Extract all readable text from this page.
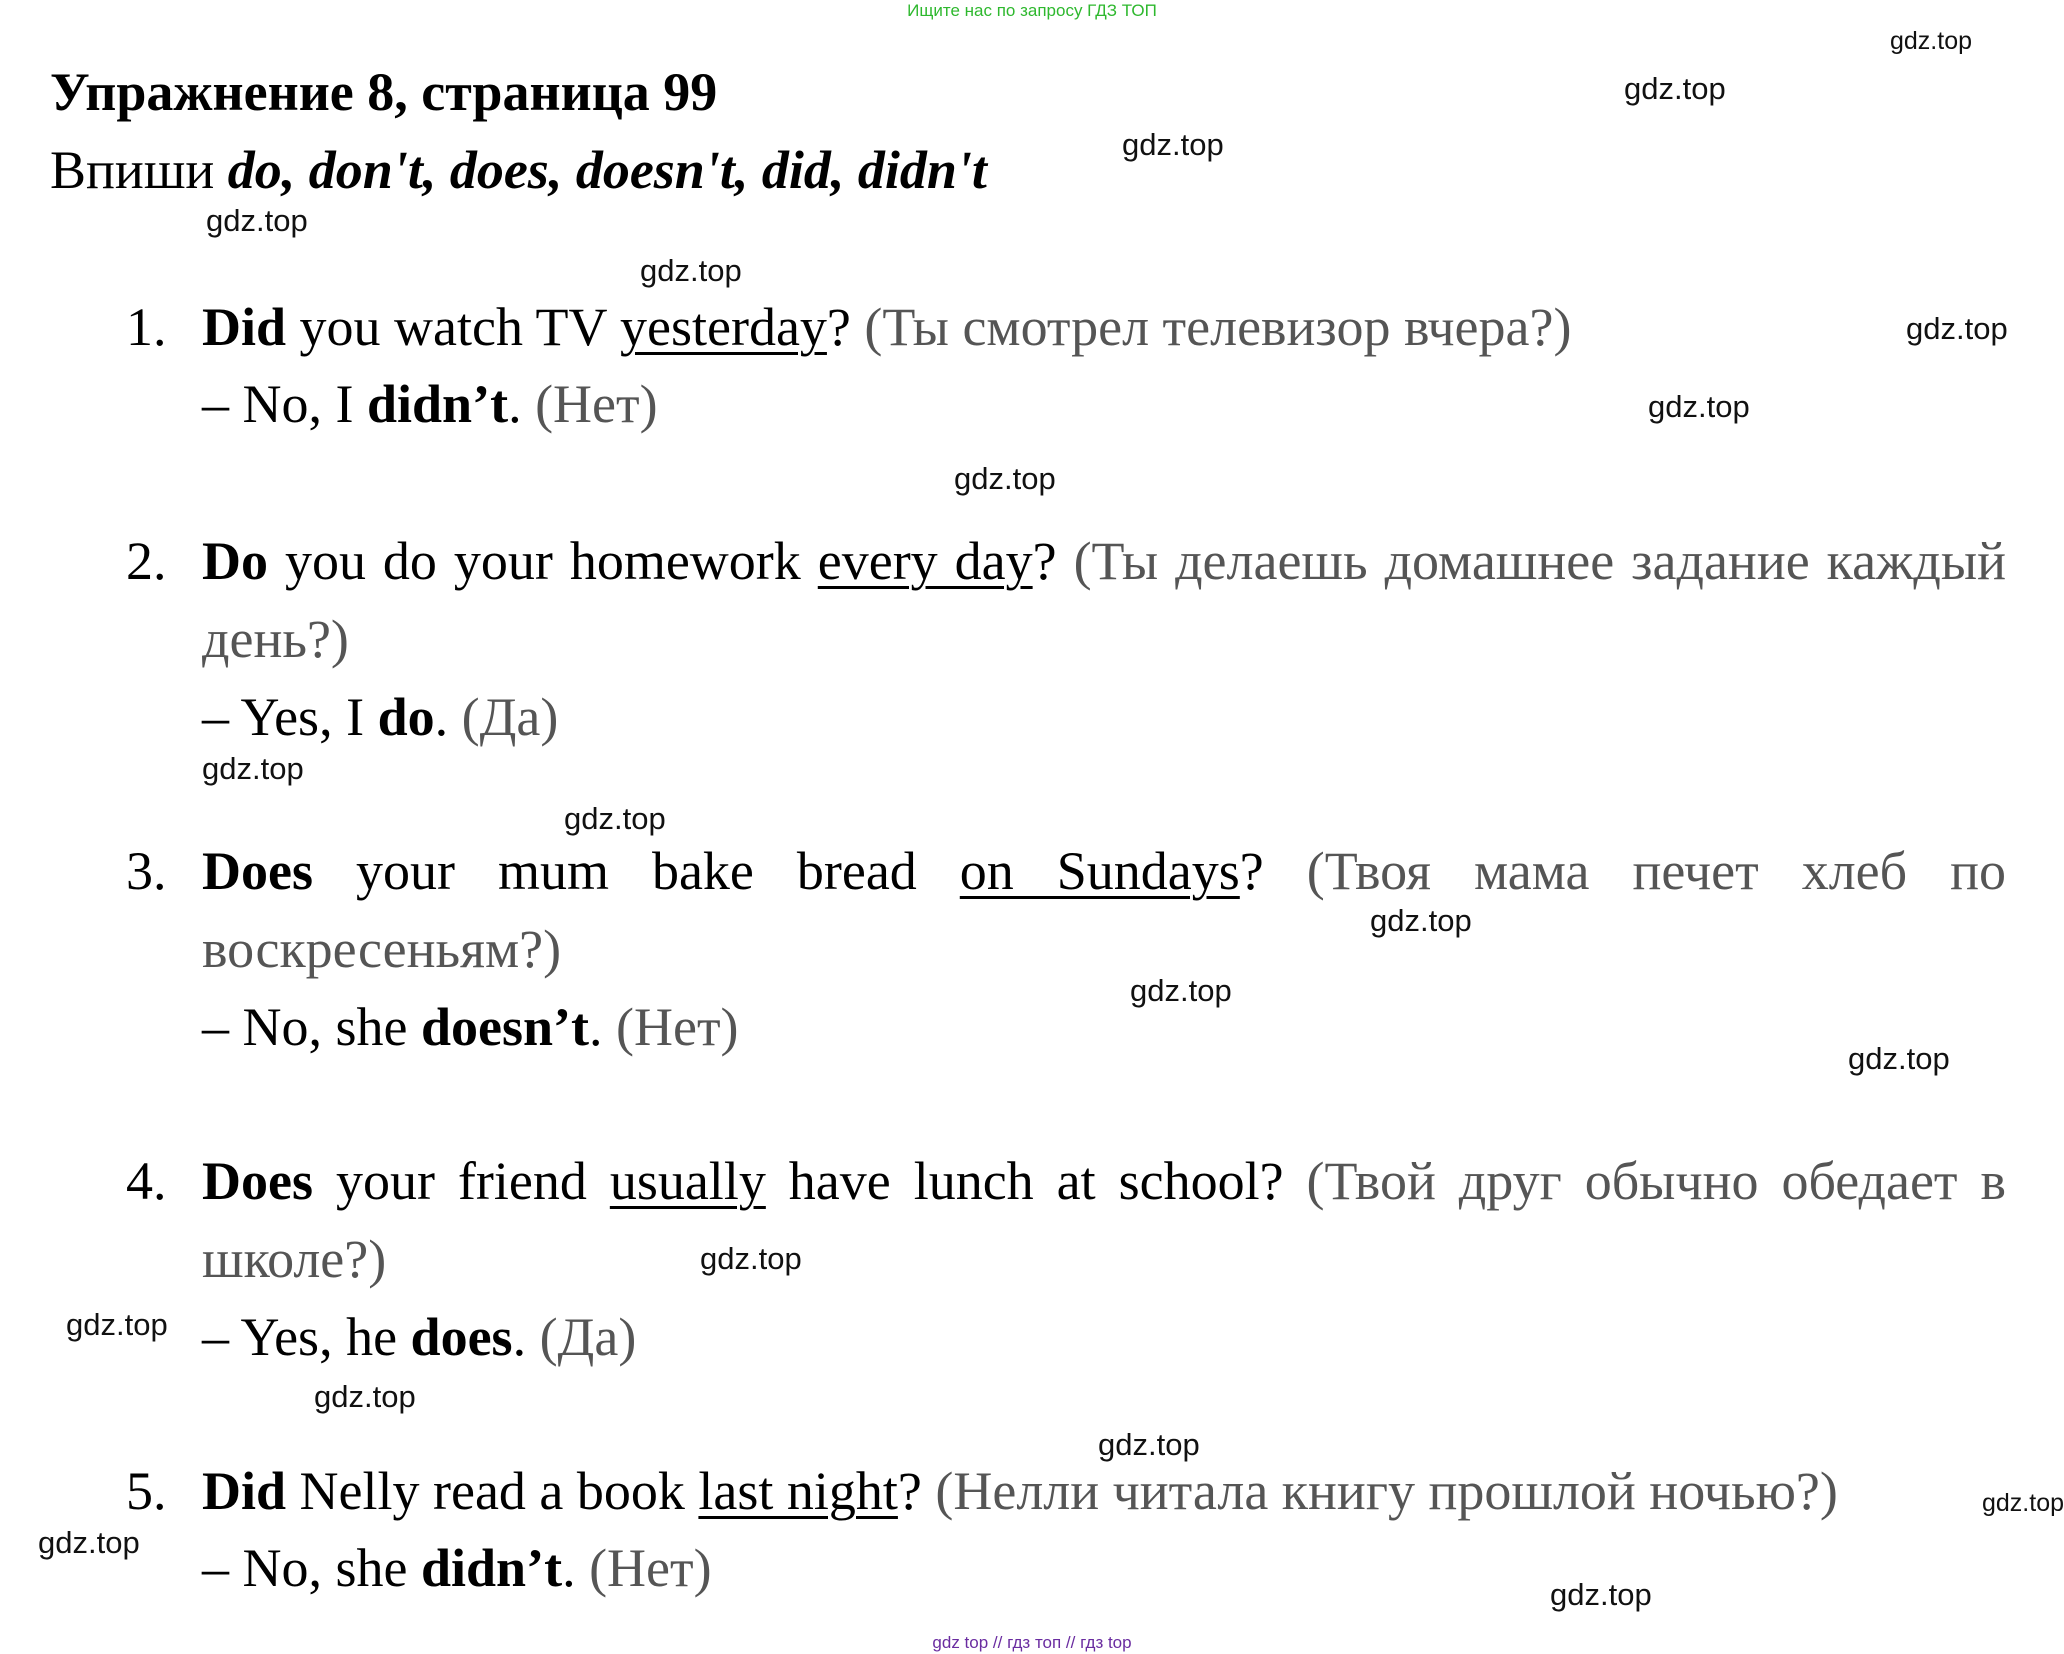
Ищите нас по запросу ГДЗ ТОП
Упражнение 8, страница 99
Впиши do, don't, does, doesn't, did, didn't
1. Did you watch TV yesterday? (Ты смотрел телевизор вчера?)
– No, I didn’t. (Нет)
2. Do you do your homework every day? (Ты делаешь домашнее задание каждый день?)
– Yes, I do. (Да)
3. Does your mum bake bread on Sundays? (Твоя мама печет хлеб по воскресеньям?)
– No, she doesn’t. (Нет)
4. Does your friend usually have lunch at school? (Твой друг обычно обедает в школе?)
– Yes, he does. (Да)
5. Did Nelly read a book last night? (Нелли читала книгу прошлой ночью?)
– No, she didn’t. (Нет)
gdz.top
gdz.top
gdz.top
gdz.top
gdz.top
gdz.top
gdz.top
gdz.top
gdz.top
gdz.top
gdz.top
gdz.top
gdz.top
gdz.top
gdz.top
gdz.top
gdz.top
gdz.top
gdz.top
gdz.top
gdz top // гдз топ // гдз top
